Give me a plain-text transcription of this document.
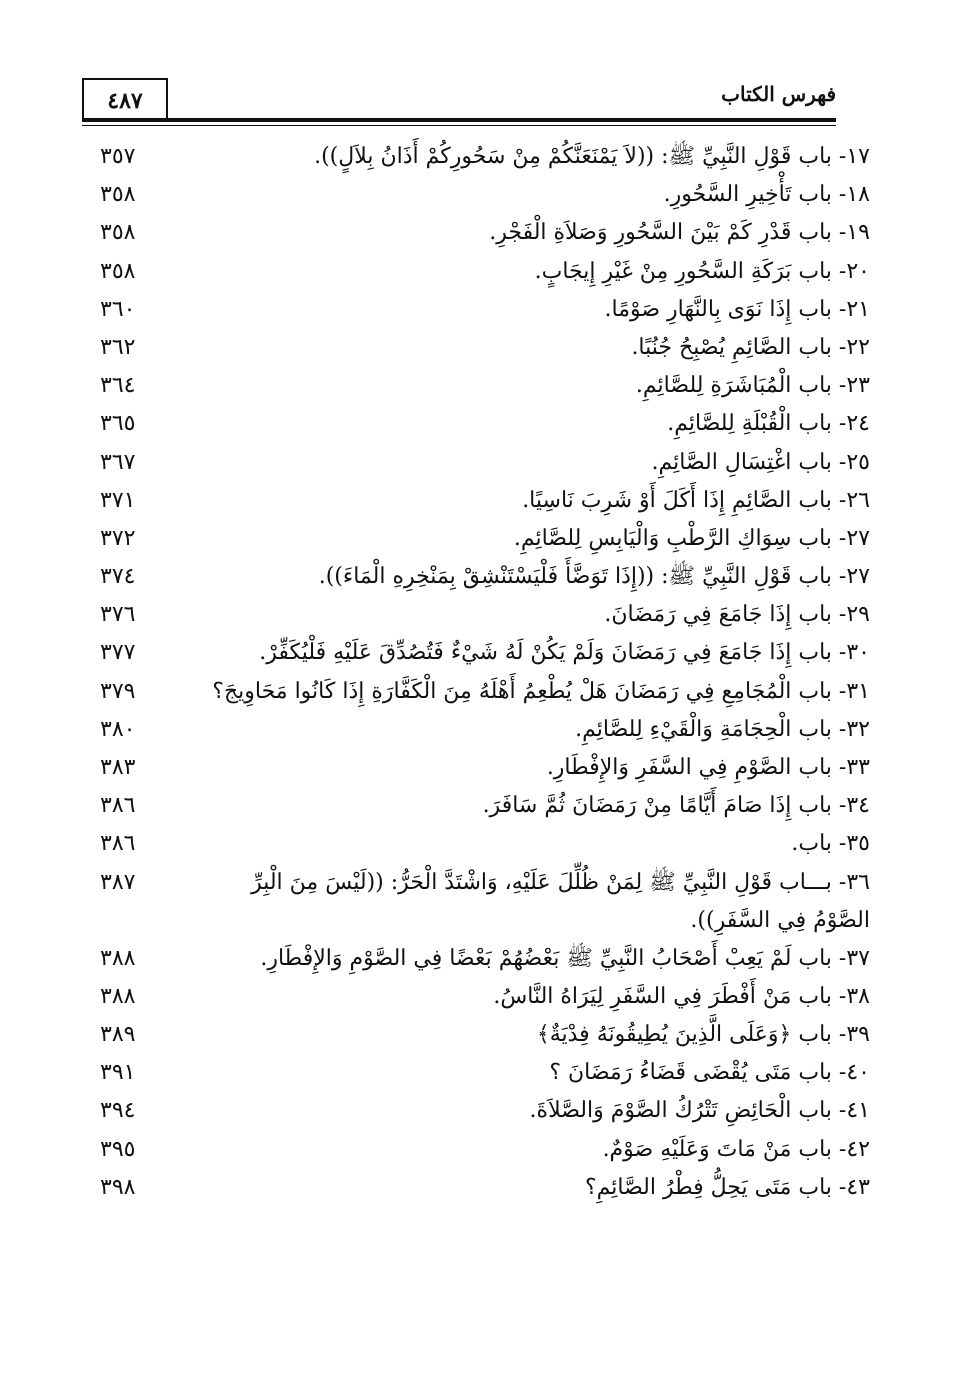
٤٨٧	فهرس الكتاب
٣٥٧	١٧- باب قَوْلِ النَّبِيِّ ﷺ: ((لاَ يَمْنَعَنَّكُمْ مِنْ سَحُورِكُمْ أَذَانُ بِلاَلٍ)).
٣٥٨	١٨- باب تَأْخِيرِ السَّحُورِ.
٣٥٨	١٩- باب قَدْرِ كَمْ بَيْنَ السَّحُورِ وَصَلاَةِ الْفَجْرِ.
٣٥٨	٢٠- باب بَرَكَةِ السَّحُورِ مِنْ غَيْرِ إِيجَابٍ.
٣٦٠	٢١- باب إِذَا نَوَى بِالنَّهَارِ صَوْمًا.
٣٦٢	٢٢- باب الصَّائِمِ يُصْبِحُ جُنُبًا.
٣٦٤	٢٣- باب الْمُبَاشَرَةِ لِلصَّائِمِ.
٣٦٥	٢٤- باب الْقُبْلَةِ لِلصَّائِمِ.
٣٦٧	٢٥- باب اغْتِسَالِ الصَّائِمِ.
٣٧١	٢٦- باب الصَّائِمِ إِذَا أَكَلَ أَوْ شَرِبَ نَاسِيًا.
٣٧٢	٢٧- باب سِوَاكِ الرَّطْبِ وَالْيَابِسِ لِلصَّائِمِ.
٣٧٤	٢٧- باب قَوْلِ النَّبِيِّ ﷺ: ((إِذَا تَوَضَّأَ فَلْيَسْتَنْشِقْ بِمَنْخِرِهِ الْمَاءَ)).
٣٧٦	٢٩- باب إِذَا جَامَعَ فِي رَمَضَانَ.
٣٧٧	٣٠- باب إِذَا جَامَعَ فِي رَمَضَانَ وَلَمْ يَكُنْ لَهُ شَيْءٌ فَتُصُدِّقَ عَلَيْهِ فَلْيُكَفِّرْ.
٣٧٩	٣١- باب الْمُجَامِعِ فِي رَمَضَانَ هَلْ يُطْعِمُ أَهْلَهُ مِنَ الْكَفَّارَةِ إِذَا كَانُوا مَحَاوِيجَ؟
٣٨٠	٣٢- باب الْحِجَامَةِ وَالْقَيْءِ لِلصَّائِمِ.
٣٨٣	٣٣- باب الصَّوْمِ فِي السَّفَرِ وَالإِفْطَارِ.
٣٨٦	٣٤- باب إِذَا صَامَ أَيَّامًا مِنْ رَمَضَانَ ثُمَّ سَافَرَ.
٣٨٦	٣٥- باب.
٣٨٧	٣٦- بـــاب قَوْلِ النَّبِيِّ ﷺ لِمَنْ ظُلِّلَ عَلَيْهِ، وَاشْتَدَّ الْحَرُّ: ((لَيْسَ مِنَ الْبِرِّ الصَّوْمُ فِي السَّفَرِ)).
٣٨٨	٣٧- باب لَمْ يَعِبْ أَصْحَابُ النَّبِيِّ ﷺ بَعْضُهُمْ بَعْضًا فِي الصَّوْمِ وَالإِفْطَارِ.
٣٨٨	٣٨- باب مَنْ أَفْطَرَ فِي السَّفَرِ لِيَرَاهُ النَّاسُ.
٣٨٩	٣٩- باب ﴿وَعَلَى الَّذِينَ يُطِيقُونَهُ فِدْيَةٌ﴾
٣٩١	٤٠- باب مَتَى يُقْضَى قَضَاءُ رَمَضَانَ ؟
٣٩٤	٤١- باب الْحَائِضِ تَتْرُكُ الصَّوْمَ وَالصَّلاَةَ.
٣٩٥	٤٢- باب مَنْ مَاتَ وَعَلَيْهِ صَوْمٌ.
٣٩٨	٤٣- باب مَتَى يَحِلُّ فِطْرُ الصَّائِمِ؟
